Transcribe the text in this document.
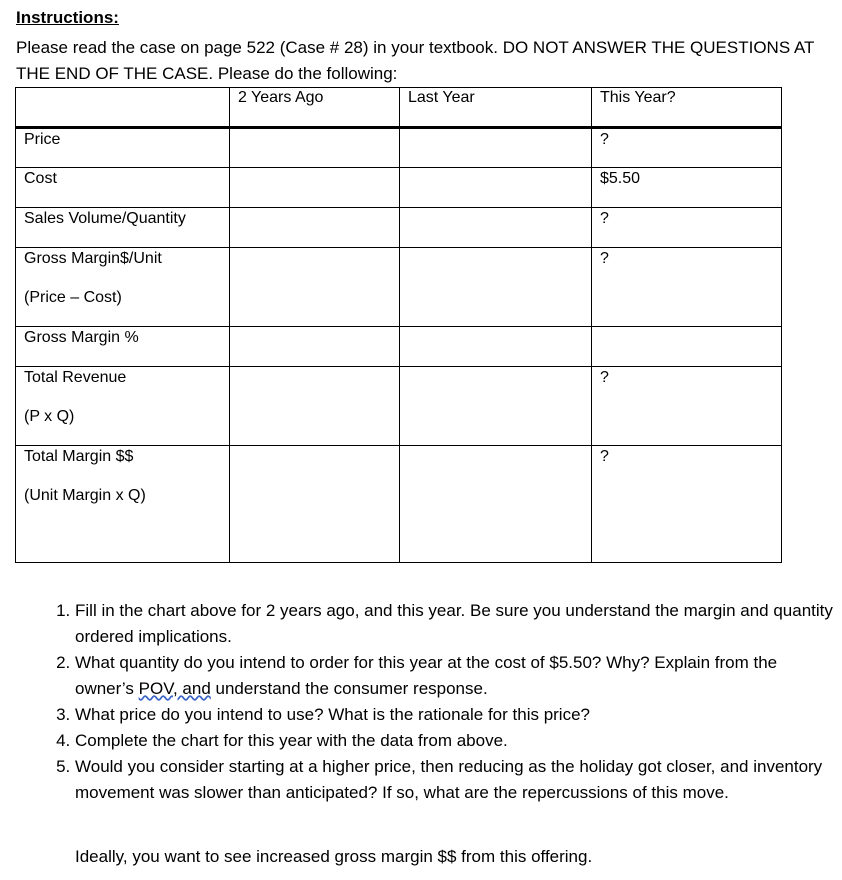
Instructions:
Please read the case on page 522 (Case # 28) in your textbook. DO NOT ANSWER THE QUESTIONS AT THE END OF THE CASE. Please do the following:

	2 Years Ago	Last Year	This Year?

Price			?

Cost			$5.50

Sales Volume/Quantity			?

Gross Margin$/Unit
(Price – Cost)			?

Gross Margin %			

Total Revenue
(P x Q)			?

Total Margin $$
(Unit Margin x Q)			?
1. Fill in the chart above for 2 years ago, and this year. Be sure you understand the margin and quantity ordered implications.
2. What quantity do you intend to order for this year at the cost of $5.50? Why? Explain from the owner’s POV, and understand the consumer response.
3. What price do you intend to use? What is the rationale for this price?
4. Complete the chart for this year with the data from above.
5. Would you consider starting at a higher price, then reducing as the holiday got closer, and inventory movement was slower than anticipated? If so, what are the repercussions of this move.
Ideally, you want to see increased gross margin $$ from this offering.
